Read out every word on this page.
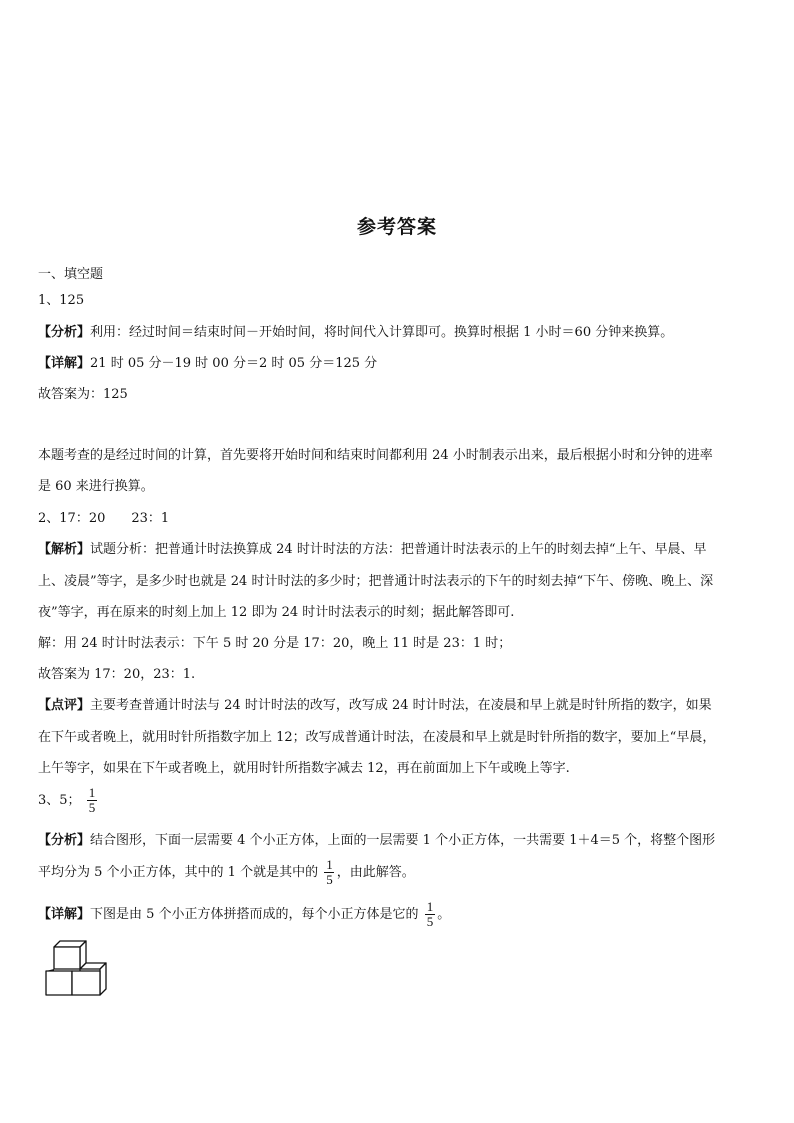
参考答案
一、填空题
1、125
【分析】利用：经过时间＝结束时间－开始时间，将时间代入计算即可。换算时根据 1 小时＝60 分钟来换算。
【详解】21 时 05 分－19 时 00 分＝2 时 05 分＝125 分
故答案为：125
本题考查的是经过时间的计算，首先要将开始时间和结束时间都利用 24 小时制表示出来，最后根据小时和分钟的进率
是 60 来进行换算。
2、17：20　　23：1
【解析】试题分析：把普通计时法换算成 24 时计时法的方法：把普通计时法表示的上午的时刻去掉“上午、早晨、早
上、凌晨”等字，是多少时也就是 24 时计时法的多少时；把普通计时法表示的下午的时刻去掉“下午、傍晚、晚上、深
夜”等字，再在原来的时刻上加上 12 即为 24 时计时法表示的时刻；据此解答即可.
解：用 24 时计时法表示：下午 5 时 20 分是 17：20，晚上 11 时是 23：1 时；
故答案为 17：20，23：1.
【点评】主要考查普通计时法与 24 时计时法的改写，改写成 24 时计时法，在凌晨和早上就是时针所指的数字，如果
在下午或者晚上，就用时针所指数字加上 12；改写成普通计时法，在凌晨和早上就是时针所指的数字，要加上“早晨，
上午等字，如果在下午或者晚上，就用时针所指数字减去 12，再在前面加上下午或晚上等字.
3、5； $\frac{1}{5}$
【分析】结合图形，下面一层需要 4 个小正方体，上面的一层需要 1 个小正方体，一共需要 1＋4＝5 个，将整个图形
平均分为 5 个小正方体，其中的 1 个就是其中的 $\frac{1}{5}$ ，由此解答。
【详解】下图是由 5 个小正方体拼搭而成的，每个小正方体是它的 $\frac{1}{5}$ 。
